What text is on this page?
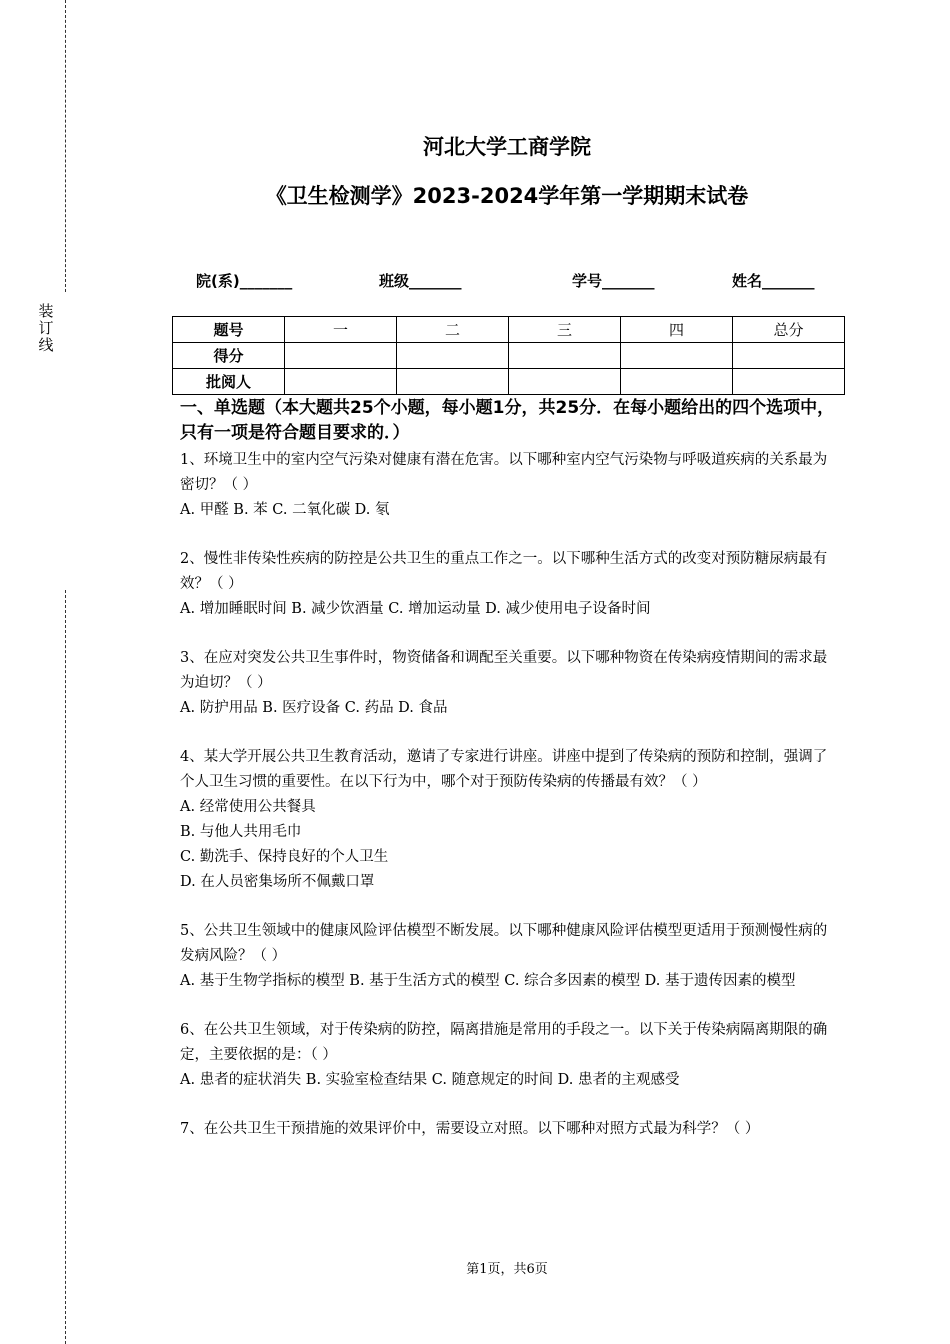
装
订
线
河北大学工商学院
《卫生检测学》2023-2024学年第一学期期末试卷
院(系)_______	班级_______	学号_______	姓名_______
题号	一	二	三	四	总分
得分					
批阅人					

一、单选题（本大题共25个小题，每小题1分，共25分．在每小题给出的四个选项中，只有一项是符合题目要求的．）

1、环境卫生中的室内空气污染对健康有潜在危害。以下哪种室内空气污染物与呼吸道疾病的关系最为密切？（ ）

A. 甲醛 B. 苯 C. 二氧化碳 D. 氡

2、慢性非传染性疾病的防控是公共卫生的重点工作之一。以下哪种生活方式的改变对预防糖尿病最有效？（ ）

A. 增加睡眠时间 B. 减少饮酒量 C. 增加运动量 D. 减少使用电子设备时间

3、在应对突发公共卫生事件时，物资储备和调配至关重要。以下哪种物资在传染病疫情期间的需求最为迫切？（ ）

A. 防护用品 B. 医疗设备 C. 药品 D. 食品

4、某大学开展公共卫生教育活动，邀请了专家进行讲座。讲座中提到了传染病的预防和控制，强调了个人卫生习惯的重要性。在以下行为中，哪个对于预防传染病的传播最有效？（ ）

A. 经常使用公共餐具

B. 与他人共用毛巾

C. 勤洗手、保持良好的个人卫生

D. 在人员密集场所不佩戴口罩

5、公共卫生领域中的健康风险评估模型不断发展。以下哪种健康风险评估模型更适用于预测慢性病的发病风险？（ ）

A. 基于生物学指标的模型 B. 基于生活方式的模型 C. 综合多因素的模型 D. 基于遗传因素的模型

6、在公共卫生领域，对于传染病的防控，隔离措施是常用的手段之一。以下关于传染病隔离期限的确定，主要依据的是：（ ）

A. 患者的症状消失 B. 实验室检查结果 C. 随意规定的时间 D. 患者的主观感受

7、在公共卫生干预措施的效果评价中，需要设立对照。以下哪种对照方式最为科学？（ ）

第1页，共6页
